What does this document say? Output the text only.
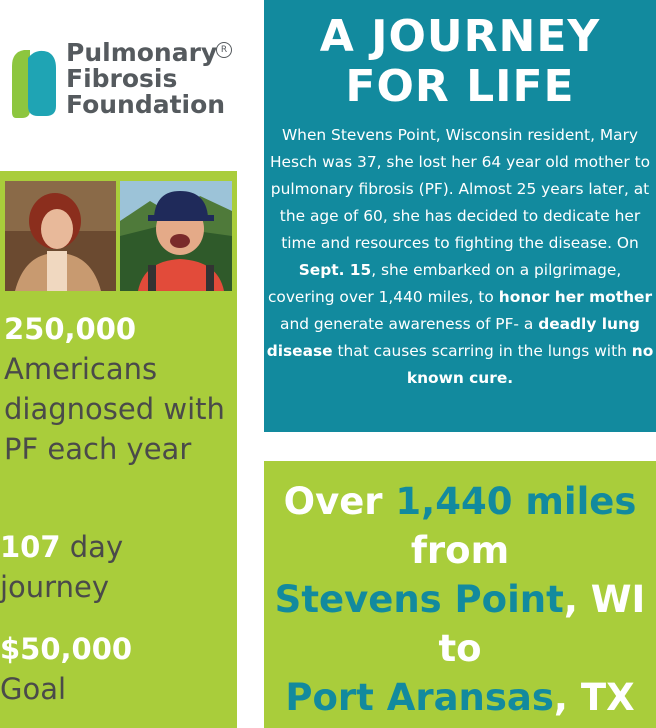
Pulmonary
Fibrosis
Foundation
R
250,000
Americans diagnosed with PF each year
107 day
journey
$50,000
Goal
A JOURNEY
FOR LIFE
When Stevens Point, Wisconsin resident, Mary Hesch was 37, she lost her 64 year old mother to pulmonary fibrosis (PF). Almost 25 years later, at the age of 60, she has decided to dedicate her time and resources to fighting the disease. On Sept. 15, she embarked on a pilgrimage, covering over 1,440 miles, to honor her mother and generate awareness of PF- a deadly lung disease that causes scarring in the lungs with no known cure.
Over 1,440 miles
from
Stevens Point, WI
to
Port Aransas, TX
